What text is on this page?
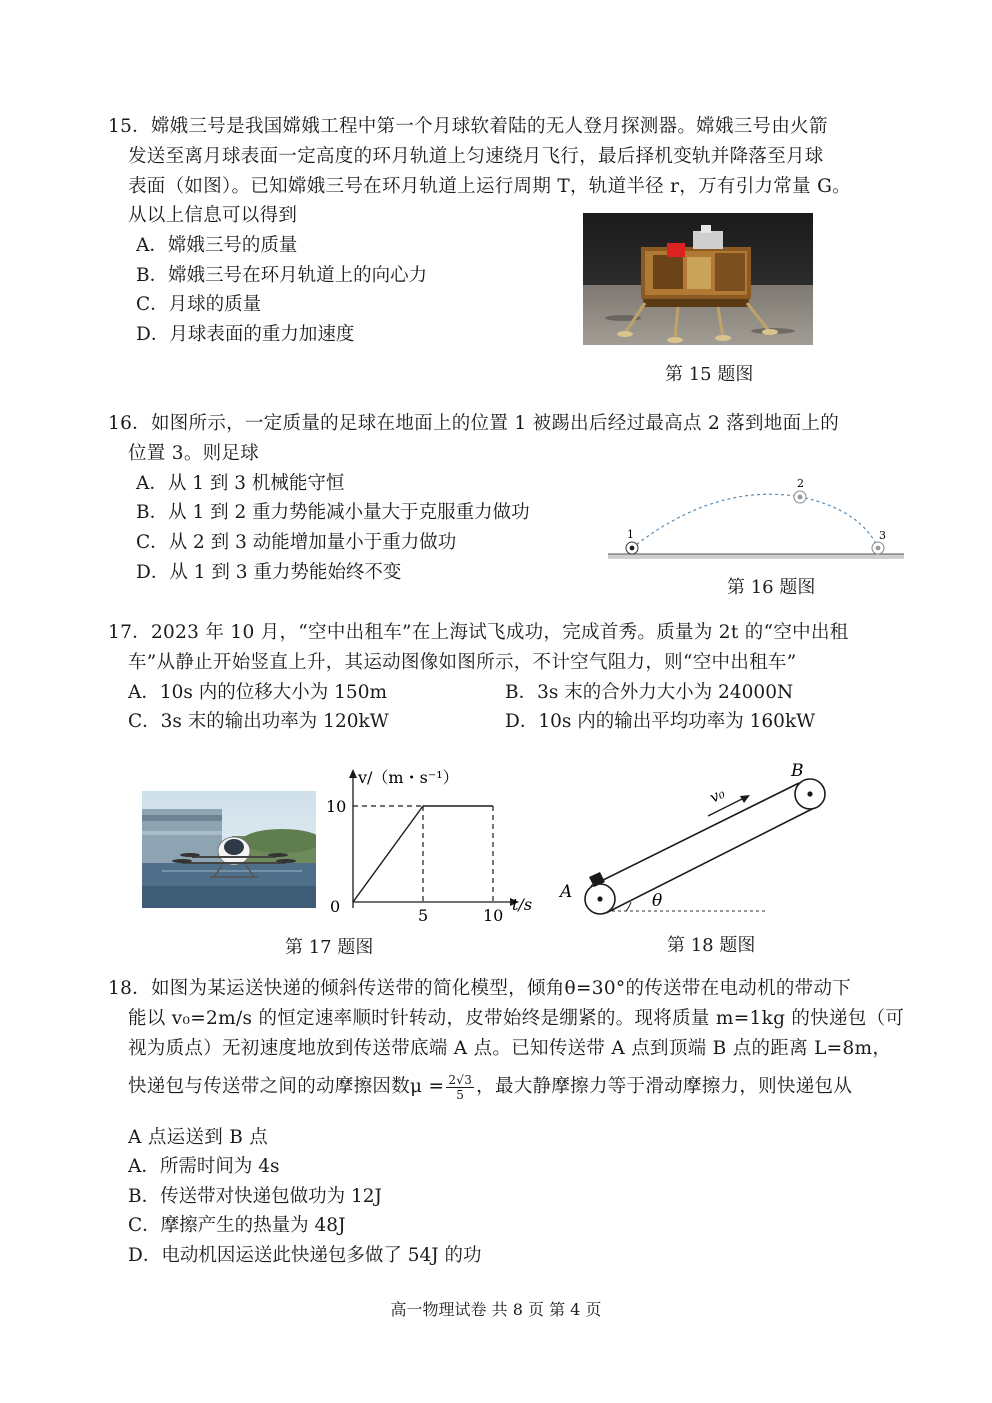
15．嫦娥三号是我国嫦娥工程中第一个月球软着陆的无人登月探测器。嫦娥三号由火箭
发送至离月球表面一定高度的环月轨道上匀速绕月飞行，最后择机变轨并降落至月球
表面（如图）。已知嫦娥三号在环月轨道上运行周期 T，轨道半径 r，万有引力常量 G。
从以上信息可以得到
A．嫦娥三号的质量
B．嫦娥三号在环月轨道上的向心力
C．月球的质量
D．月球表面的重力加速度
第 15 题图
16．如图所示，一定质量的足球在地面上的位置 1 被踢出后经过最高点 2 落到地面上的
位置 3。则足球
A．从 1 到 3 机械能守恒
B．从 1 到 2 重力势能减小量大于克服重力做功
C．从 2 到 3 动能增加量小于重力做功
D．从 1 到 3 重力势能始终不变
1
2
3
第 16 题图
17．2023 年 10 月，“空中出租车”在上海试飞成功，完成首秀。质量为 2t 的“空中出租
车”从静止开始竖直上升，其运动图像如图所示，不计空气阻力，则“空中出租车”
A．10s 内的位移大小为 150m	B．3s 末的合外力大小为 24000N
C．3s 末的输出功率为 120kW	D．10s 内的输出平均功率为 160kW
v/（m・s⁻¹）
t/s
10
0	5	10
第 17 题图
v₀
A
B
θ
第 18 题图
18．如图为某运送快递的倾斜传送带的简化模型，倾角θ=30°的传送带在电动机的带动下
能以 v₀=2m/s 的恒定速率顺时针转动，皮带始终是绷紧的。现将质量 m=1kg 的快递包（可
视为质点）无初速度地放到传送带底端 A 点。已知传送带 A 点到顶端 B 点的距离 L=8m，
快递包与传送带之间的动摩擦因数$\mu = \frac{2√3}{5}$ ，最大静摩擦力等于滑动摩擦力，则快递包从
A 点运送到 B 点
A．所需时间为 4s
B．传送带对快递包做功为 12J
C．摩擦产生的热量为 48J
D．电动机因运送此快递包多做了 54J 的功
高一物理试卷 共 8 页 第 4 页
